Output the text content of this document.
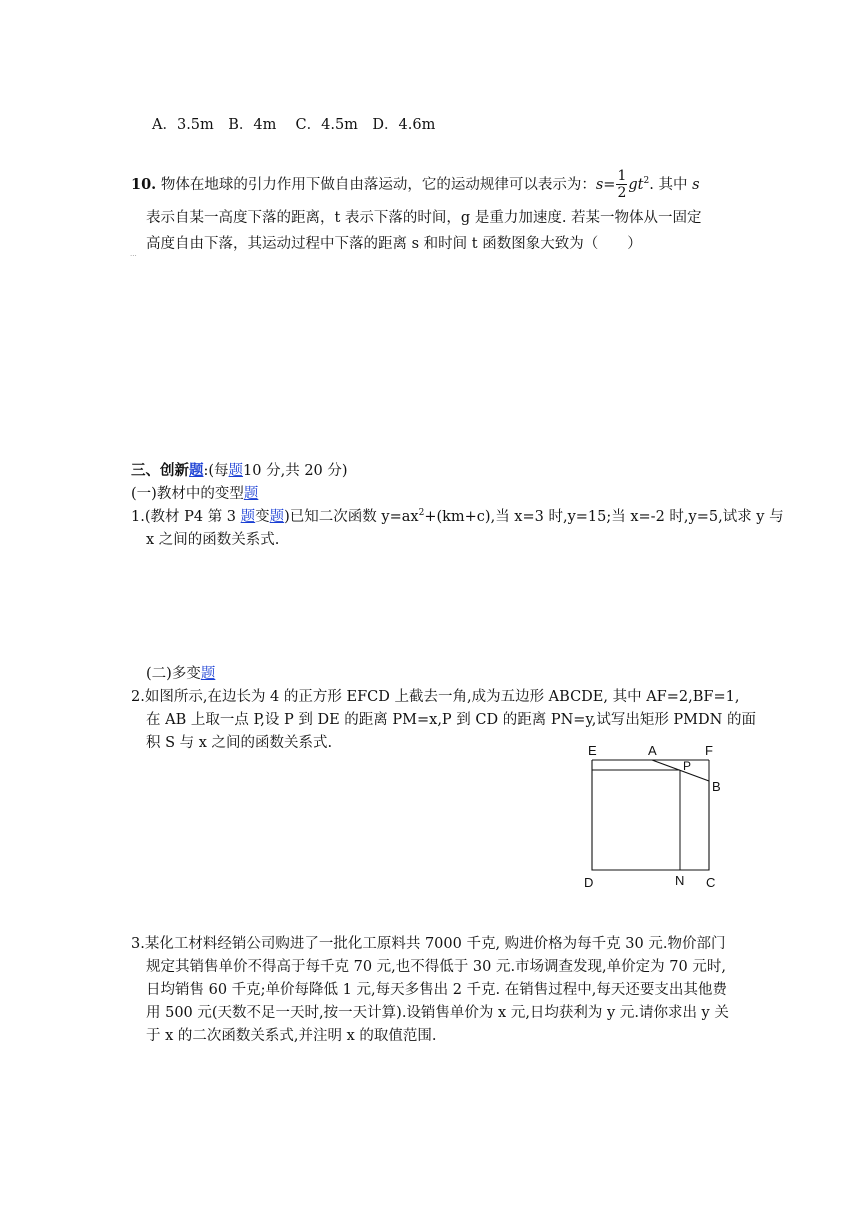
A．3.5m　B．4m　 C．4.5m　D．4.6m
10. 物体在地球的引力作用下做自由落运动，它的运动规律可以表示为：$s= \frac{1}{2} gt^2$. 其中 s
表示自某一高度下落的距离，t 表示下落的时间，g 是重力加速度. 若某一物体从一固定
高度自由下落，其运动过程中下落的距离 s 和时间 t 函数图象大致为（　　）
...
三、创新题:(每题10 分,共 20 分)
(一)教材中的变型题
1.(教材 P4 第 3 题变题)已知二次函数 $y=ax^2+(km+c)$,当 x=3 时,y=15;当 x=-2 时,y=5,试求 y 与
x 之间的函数关系式.
(二)多变题
2.如图所示,在边长为 4 的正方形 EFCD 上截去一角,成为五边形 ABCDE, 其中 AF=2,BF=1,
在 AB 上取一点 P,设 P 到 DE 的距离 PM=x,P 到 CD 的距离 PN=y,试写出矩形 PMDN 的面
积 S 与 x 之间的函数关系式.	E	A	F
P
B
D	N C
3.某化工材料经销公司购进了一批化工原料共 7000 千克, 购进价格为每千克 30 元.物价部门
规定其销售单价不得高于每千克 70 元,也不得低于 30 元.市场调查发现,单价定为 70 元时,
日均销售 60 千克;单价每降低 1 元,每天多售出 2 千克. 在销售过程中,每天还要支出其他费
用 500 元(天数不足一天时,按一天计算).设销售单价为 x 元,日均获利为 y 元.请你求出 y 关
于 x 的二次函数关系式,并注明 x 的取值范围.
